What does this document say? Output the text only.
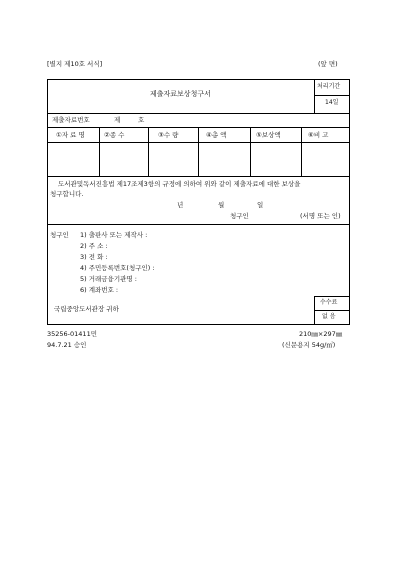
[별지 제10호 서식]	(앞 면)
제출자료보상청구서
처리기간
14일
제출자료번호	제	호
①자 료 명	②종 수	③수 량	④총 액	⑤보상액	⑥비 고
도서관및독서진흥법 제17조제3항의 규정에 의하여 위와 같이 제출자료에 대한 보상을
청구합니다.
년	월	일
청구인	(서명 또는 인)
청구인 1) 출판사 또는 제작사 :
2) 주 소 :
3) 전 화 :
4) 주민등록번호(청구인) :
5) 거래금융기관명 :
6) 계좌번호 :
수수료
없 음
국립중앙도서관장 귀하
35256-01411민
94.7.21 승인
210㎜×297㎜
(신문용지 54g/㎡)
